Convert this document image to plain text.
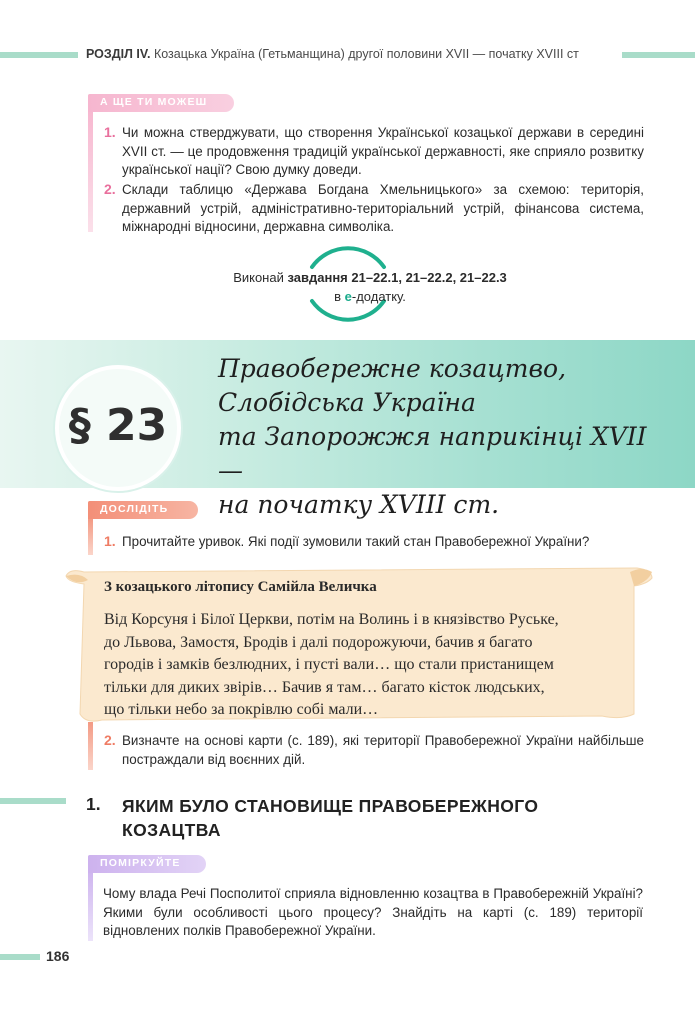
РОЗДІЛ IV. Козацька Україна (Гетьманщина) другої половини XVII — початку XVIII ст
А ЩЕ ТИ МОЖЕШ
1. Чи можна стверджувати, що створення Української козацької держави в середині XVII ст. — це продовження традицій української державності, яке сприяло розвитку української нації? Свою думку доведи.
2. Склади таблицю «Держава Богдана Хмельницького» за схемою: територія, державний устрій, адміністративно-територіальний устрій, фінансова система, міжнародні відносини, державна символіка.
Виконай завдання 21–22.1, 21–22.2, 21–22.3
в е-додатку.
§ 23
Правобережне козацтво,
Слобідська Україна
та Запорожжя наприкінці XVII —
на початку XVIII ст.
ДОСЛІДІТЬ
1. Прочитайте уривок. Які події зумовили такий стан Правобережної України?
З козацького літопису Самійла Величка
Від Корсуня і Білої Церкви, потім на Волинь і в князівство Руське,
до Львова, Замостя, Бродів і далі подорожуючи, бачив я багато
городів і замків безлюдних, і пусті вали… що стали пристанищем
тільки для диких звірів… Бачив я там… багато кісток людських,
що тільки небо за покрівлю собі мали…
2. Визначте на основі карти (с. 189), які території Правобережної України найбільше постраждали від воєнних дій.
1. ЯКИМ БУЛО СТАНОВИЩЕ ПРАВОБЕРЕЖНОГО КОЗАЦТВА
ПОМІРКУЙТЕ
Чому влада Речі Посполитої сприяла відновленню козацтва в Правобережній Україні? Якими були особливості цього процесу? Знайдіть на карті (с. 189) території відновлених полків Правобережної України.
186
